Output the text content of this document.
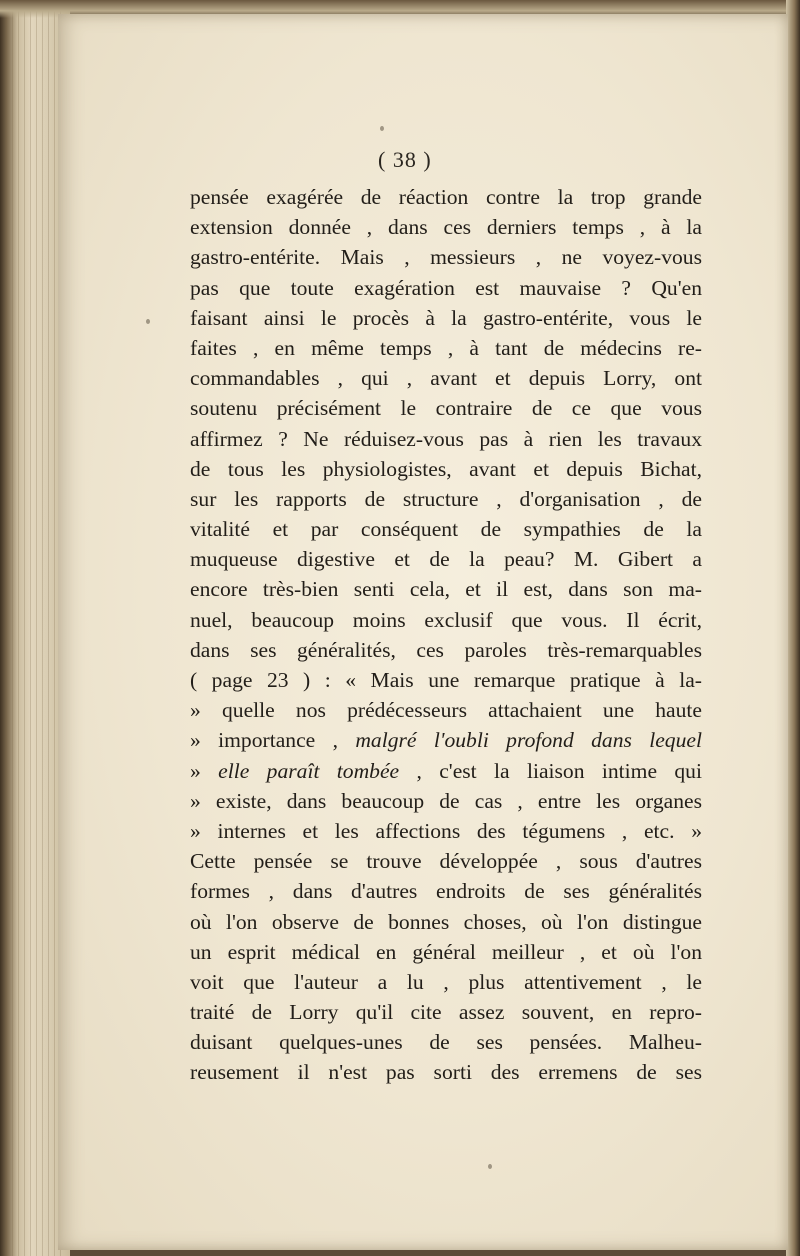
( 38 )
pensée exagérée de réaction contre la trop grande
extension donnée , dans ces derniers temps , à la
gastro-entérite. Mais , messieurs , ne voyez-vous
pas que toute exagération est mauvaise ? Qu'en
faisant ainsi le procès à la gastro-entérite, vous le
faites , en même temps , à tant de médecins re-
commandables , qui , avant et depuis Lorry, ont
soutenu précisément le contraire de ce que vous
affirmez ? Ne réduisez-vous pas à rien les travaux
de tous les physiologistes, avant et depuis Bichat,
sur les rapports de structure , d'organisation , de
vitalité et par conséquent de sympathies de la
muqueuse digestive et de la peau? M. Gibert a
encore très-bien senti cela, et il est, dans son ma-
nuel, beaucoup moins exclusif que vous. Il écrit,
dans ses généralités, ces paroles très-remarquables
( page 23 ) : « Mais une remarque pratique à la-
» quelle nos prédécesseurs attachaient une haute
» importance , malgré l'oubli profond dans lequel
» elle paraît tombée , c'est la liaison intime qui
» existe, dans beaucoup de cas , entre les organes
» internes et les affections des tégumens , etc. »
Cette pensée se trouve développée , sous d'autres
formes , dans d'autres endroits de ses généralités
où l'on observe de bonnes choses, où l'on distingue
un esprit médical en général meilleur , et où l'on
voit que l'auteur a lu , plus attentivement , le
traité de Lorry qu'il cite assez souvent, en repro-
duisant quelques-unes de ses pensées. Malheu-
reusement il n'est pas sorti des erremens de ses
